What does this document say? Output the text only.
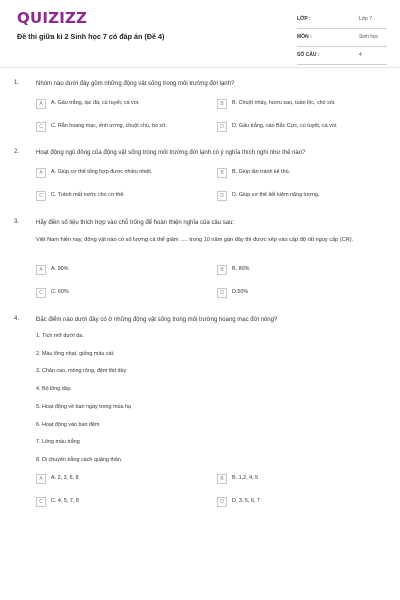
QUIZIZZ
Đề thi giữa kì 2 Sinh học 7 có đáp án (Đề 4)
LỚP :	Lớp 7
MÔN :	Sinh học
SỐ CÂU :	4
1.	Nhóm nào dưới đây gồm những động vật sống trong môi trường đới lạnh?
A	A. Gấu trắng, lạc đà, cú tuyết, cá voi.	B	B. Chuột nhảy, hươu sao, tuần lộc, chó sói.
C	C. Rắn hoang mạc, ếnh ương, chuột chù, bo xít.	D	D. Gấu trắng, cáo Bắc Cực, cú tuyết, cá voi.
2.	Hoạt động ngủ đông của động vật sống trong môi trường đới lạnh có ý nghĩa thích nghi như thế nào?
A	A. Giúp cơ thể tổng hợp được nhiều nhiệt.	B	B. Giúp lẩn tránh kẻ thù.
C	C. Tránh mất nước cho cơ thể.	D	D. Giúp cơ thể tiết kiệm năng lượng.
3.	Hãy điền số liệu thích hợp vào chỗ trống để hoàn thiện nghĩa của câu sau:
Việt Nam hiện nay, động vật nào có số lượng cá thể giảm ..... trong 10 năm gần đây thì được xếp vào cấp độ rất nguy cấp (CR).
A	A. 90%	B	B. 80%
C	C. 60%	D	D.50%
4.	Đặc điểm nào dưới đây có ở những động vật sống trong môi trường hoang mạc đới nóng?
1. Tích mỡ dưới da.
2. Màu lông nhạt, giống màu cát.
3. Chân cao, móng rộng, đệm thịt dày
4. Bộ lông dày.
5. Hoạt động về ban ngày trong mùa hạ
6. Hoạt động vào ban đêm
7. Lông màu trắng
8. Di chuyển bằng cách quăng thân.
A	A. 2, 3, 6, 8	B	B. 1,2, 4, 5
C	C. 4, 5, 7, 8	D	D. 3, 5, 6, 7
